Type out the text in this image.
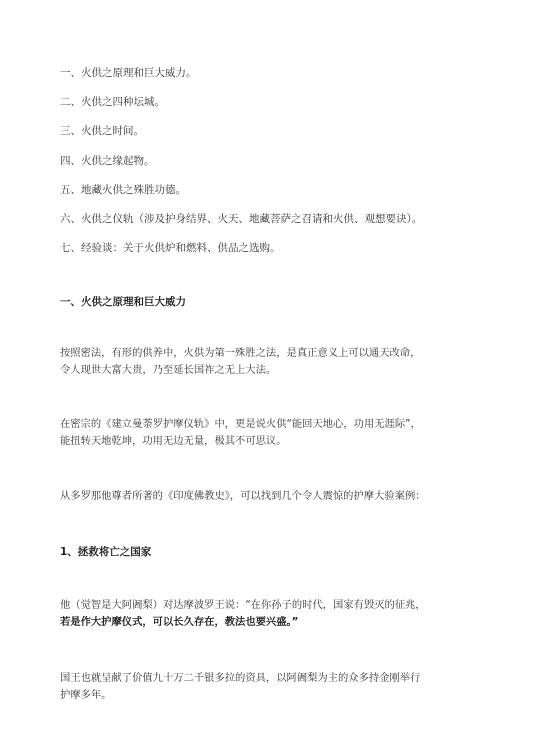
一、火供之原理和巨大威力。
二、火供之四种坛城。
三、火供之时间。
四、火供之缘起物。
五、地藏火供之殊胜功德。
六、火供之仪轨（涉及护身结界、火天、地藏菩萨之召请和火供、观想要诀）。
七、经验谈：关于火供炉和燃料、供品之选购。
一、火供之原理和巨大威力
按照密法，有形的供养中，火供为第一殊胜之法，是真正意义上可以通天改命，
令人现世大富大贵，乃至延长国祚之无上大法。
在密宗的《建立曼荼罗护摩仪轨》中，更是说火供“能回天地心，功用无涯际”，
能扭转天地乾坤，功用无边无量，极其不可思议。
从多罗那他尊者所著的《印度佛教史》，可以找到几个令人震惊的护摩大验案例：
1、拯救将亡之国家
他（觉智是大阿阇梨）对达摩波罗王说：“在你孙子的时代，国家有毁灭的征兆，
若是作大护摩仪式，可以长久存在，教法也要兴盛。”
国王也就呈献了价值九十万二千银多拉的资具，以阿阇梨为主的众多持金刚举行
护摩多年。
